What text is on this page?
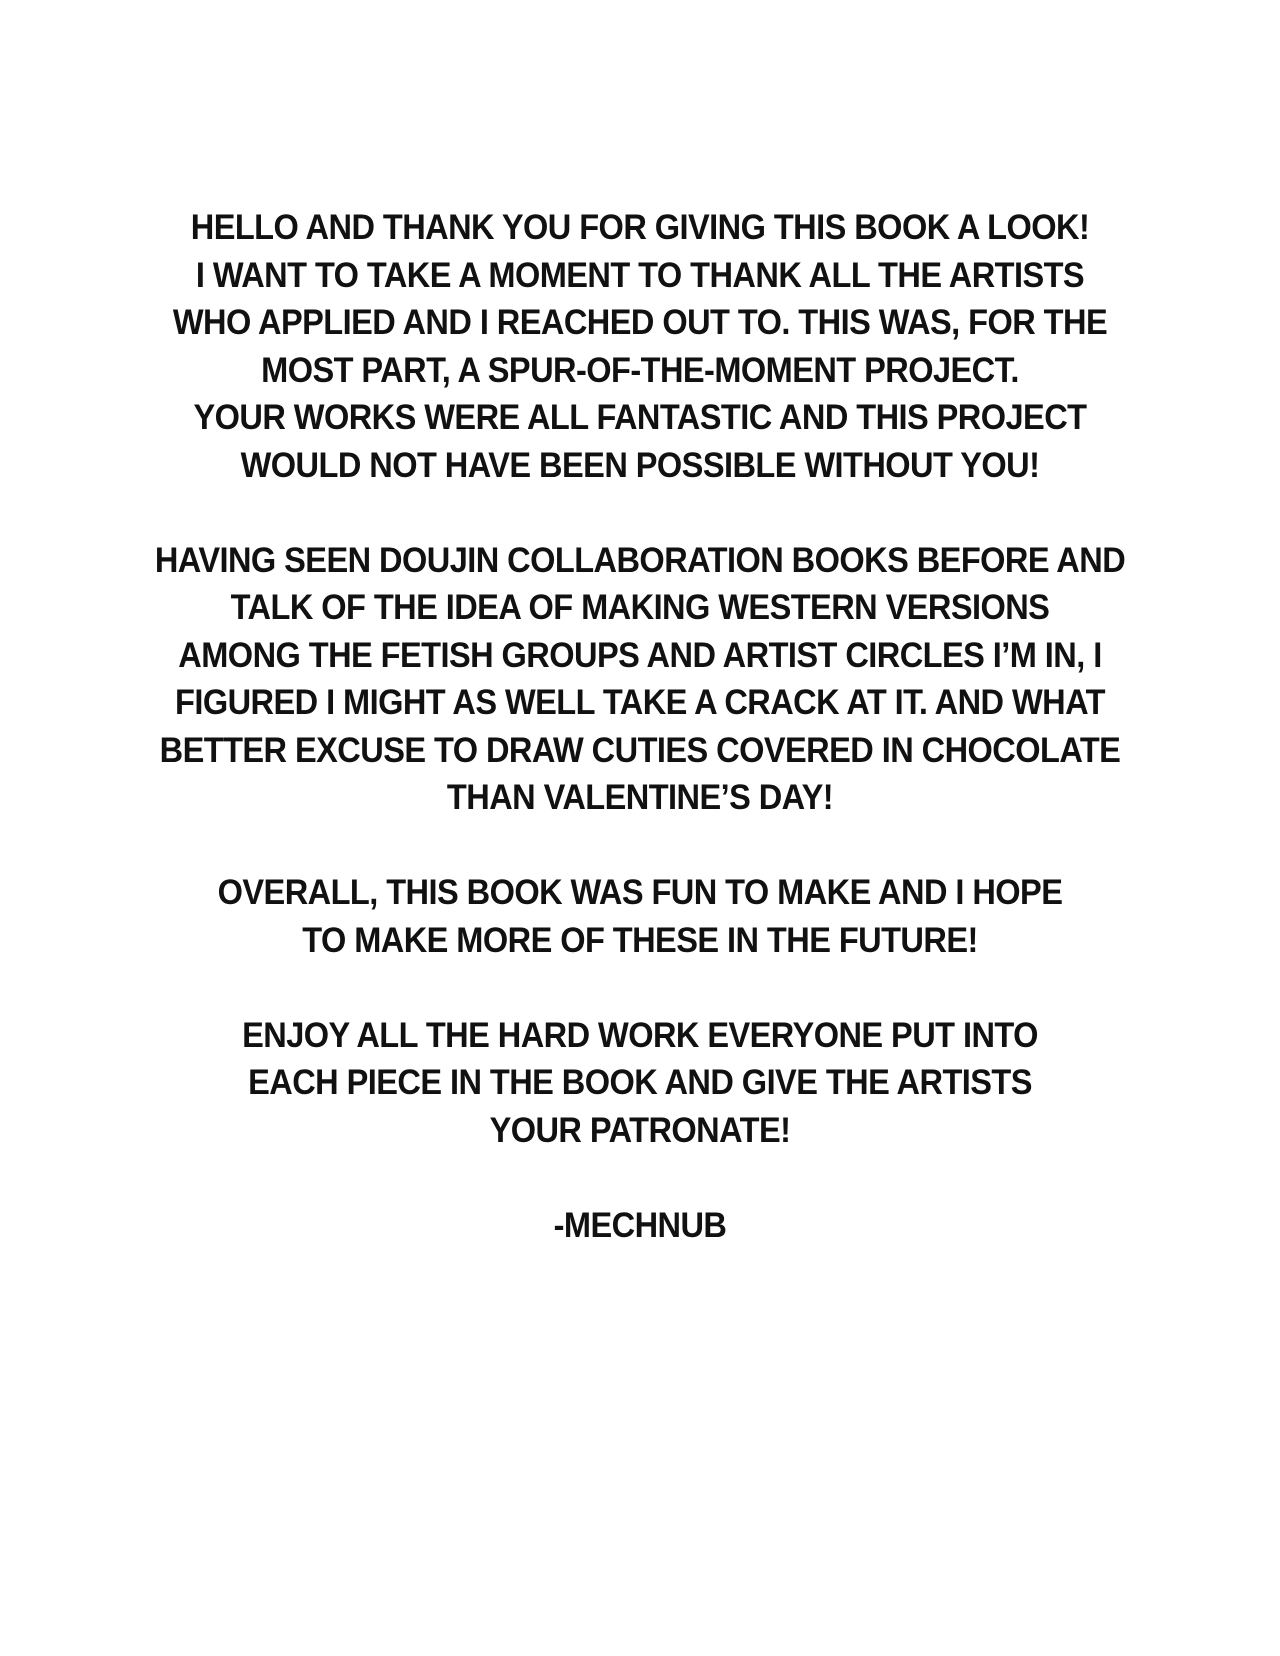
HELLO AND THANK YOU FOR GIVING THIS BOOK A LOOK!
I WANT TO TAKE A MOMENT TO THANK ALL THE ARTISTS
WHO APPLIED AND I REACHED OUT TO. THIS WAS, FOR THE
MOST PART, A SPUR-OF-THE-MOMENT PROJECT.
YOUR WORKS WERE ALL FANTASTIC AND THIS PROJECT
WOULD NOT HAVE BEEN POSSIBLE WITHOUT YOU!

HAVING SEEN DOUJIN COLLABORATION BOOKS BEFORE AND
TALK OF THE IDEA OF MAKING WESTERN VERSIONS
AMONG THE FETISH GROUPS AND ARTIST CIRCLES I’M IN, I
FIGURED I MIGHT AS WELL TAKE A CRACK AT IT. AND WHAT
BETTER EXCUSE TO DRAW CUTIES COVERED IN CHOCOLATE
THAN VALENTINE’S DAY!

OVERALL, THIS BOOK WAS FUN TO MAKE AND I HOPE
TO MAKE MORE OF THESE IN THE FUTURE!

ENJOY ALL THE HARD WORK EVERYONE PUT INTO
EACH PIECE IN THE BOOK AND GIVE THE ARTISTS
YOUR PATRONATE!

-MECHNUB
